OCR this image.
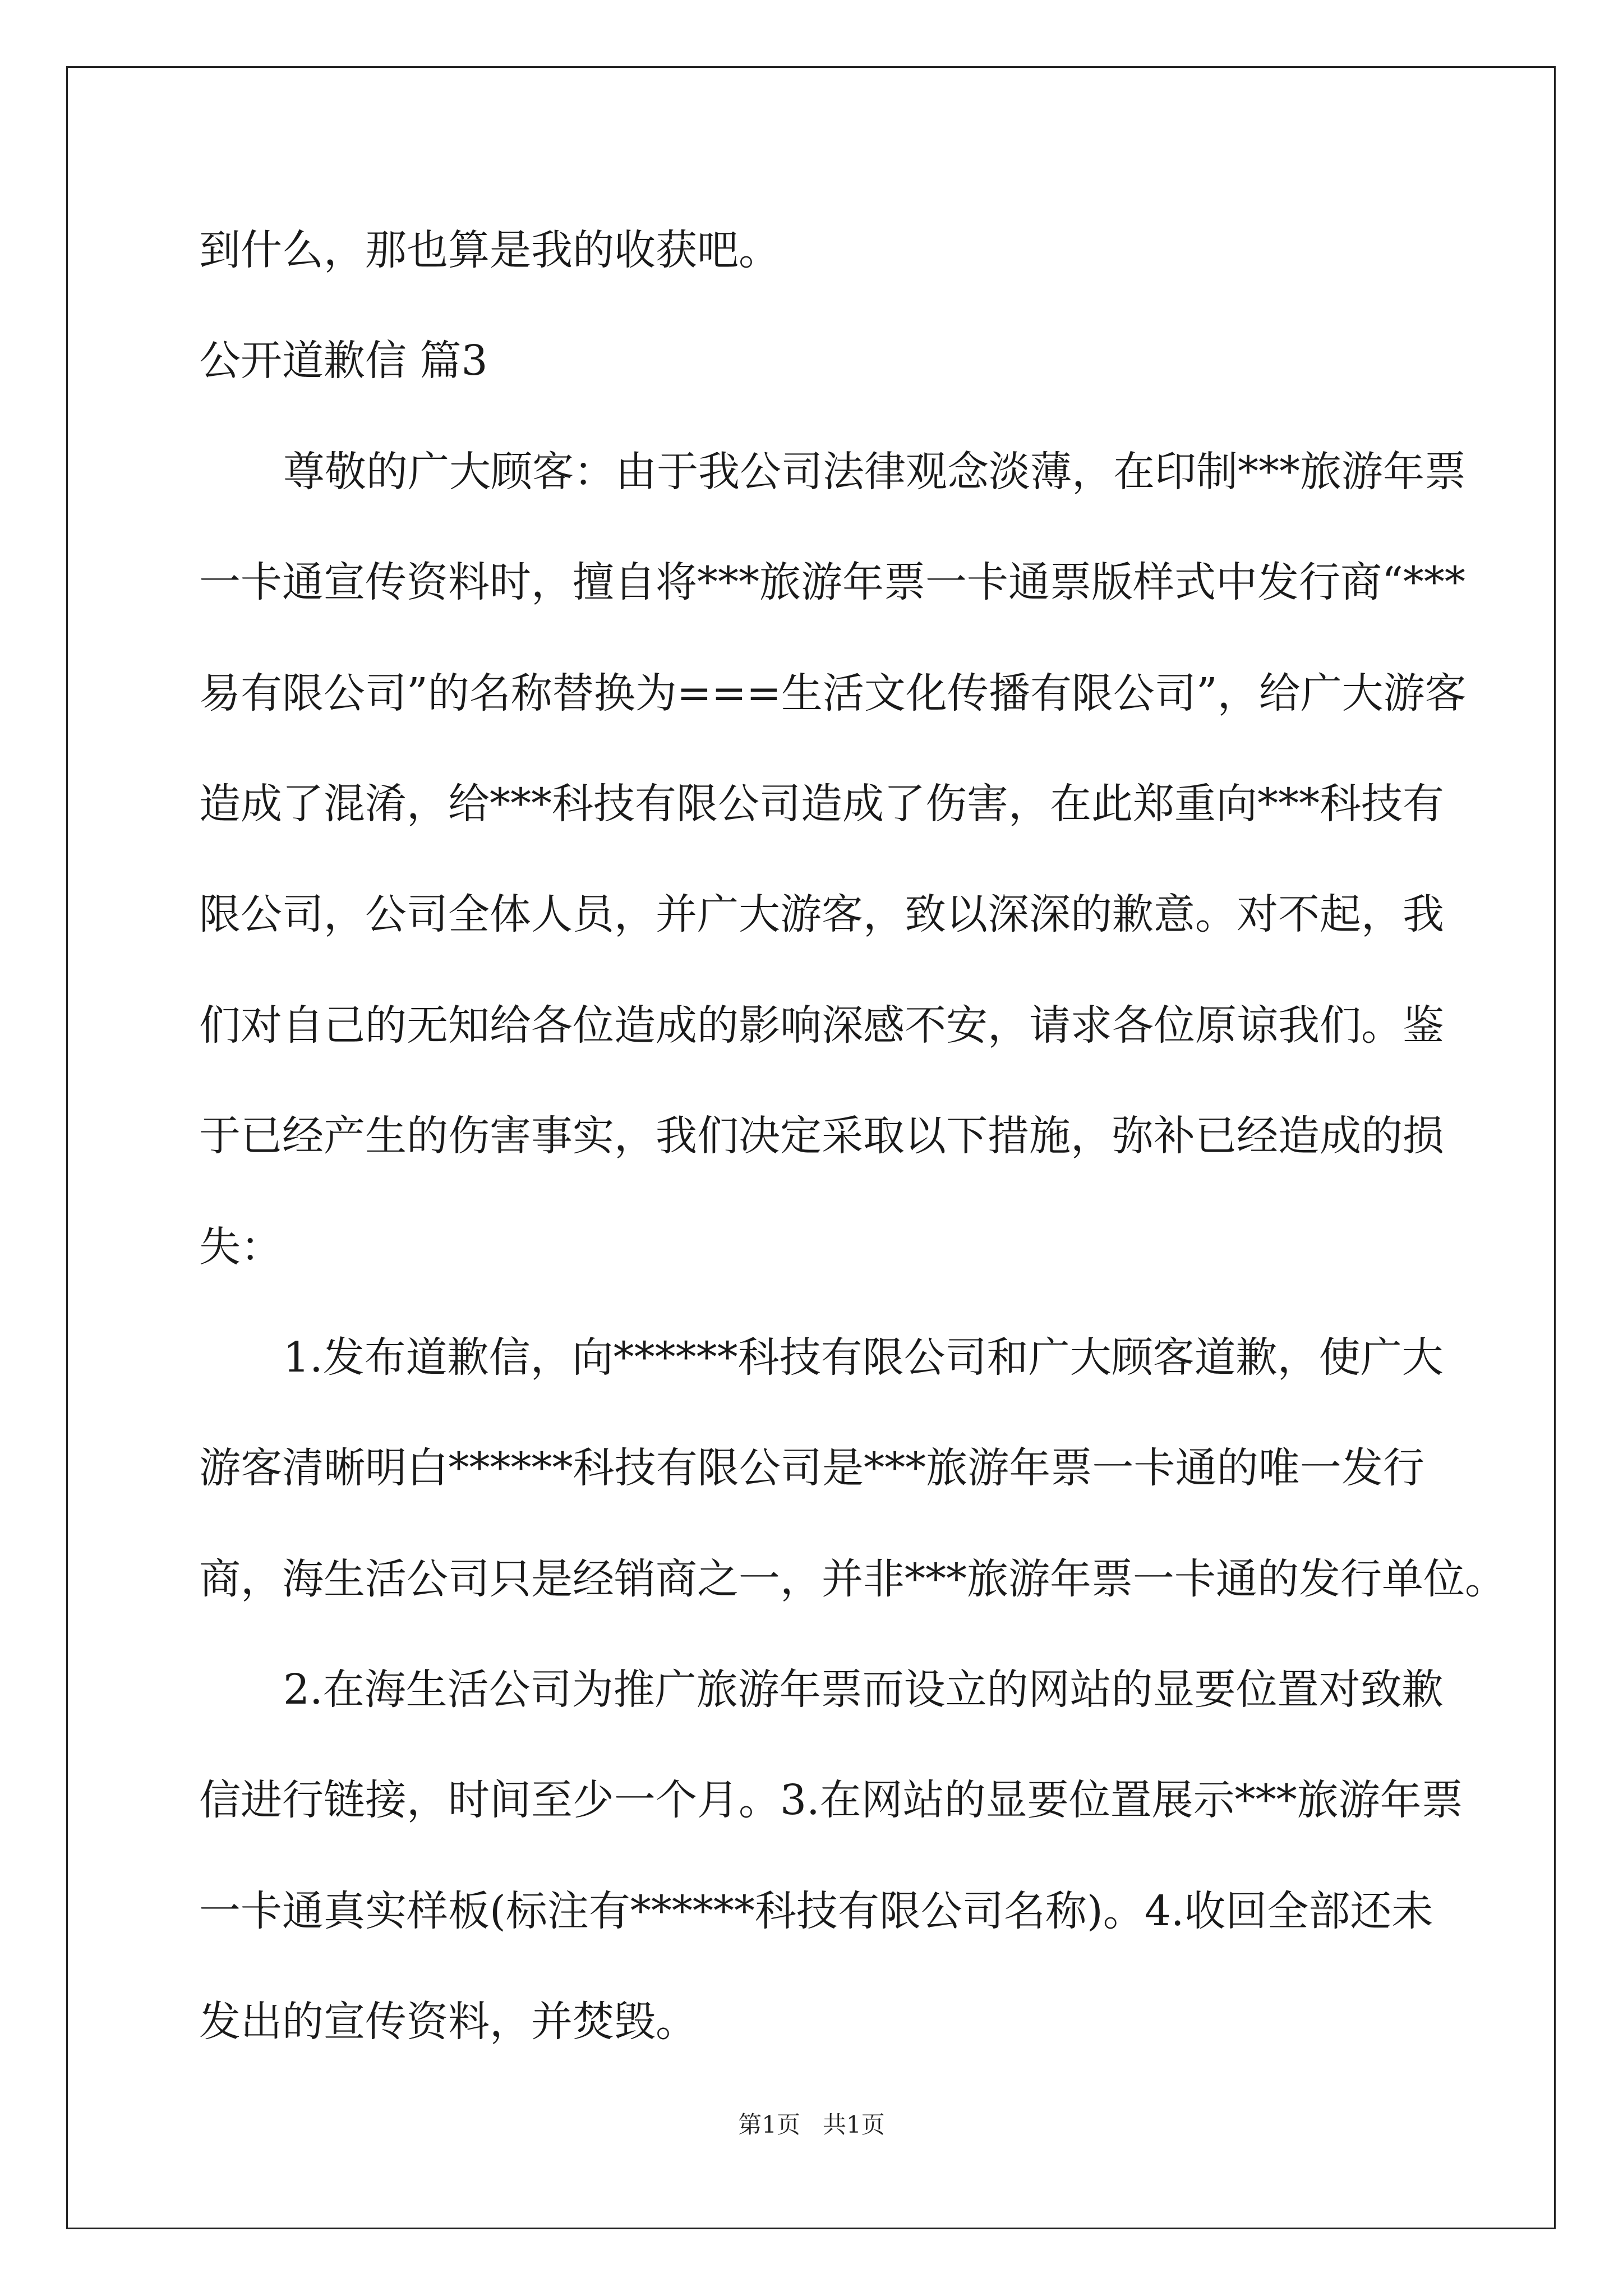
到什么，那也算是我的收获吧。
公开道歉信 篇3
尊敬的广大顾客：由于我公司法律观念淡薄，在印制***旅游年票
一卡通宣传资料时，擅自将***旅游年票一卡通票版样式中发行商“***
易有限公司”的名称替换为===生活文化传播有限公司”，给广大游客
造成了混淆，给***科技有限公司造成了伤害，在此郑重向***科技有
限公司，公司全体人员，并广大游客，致以深深的歉意。对不起，我
们对自己的无知给各位造成的影响深感不安，请求各位原谅我们。鉴
于已经产生的伤害事实，我们决定采取以下措施，弥补已经造成的损
失：
1.发布道歉信，向******科技有限公司和广大顾客道歉，使广大
游客清晰明白******科技有限公司是***旅游年票一卡通的唯一发行
商，海生活公司只是经销商之一，并非***旅游年票一卡通的发行单位。
2.在海生活公司为推广旅游年票而设立的网站的显要位置对致歉
信进行链接，时间至少一个月。3.在网站的显要位置展示***旅游年票
一卡通真实样板(标注有******科技有限公司名称)。4.收回全部还未
发出的宣传资料，并焚毁。
第1页   共1页
